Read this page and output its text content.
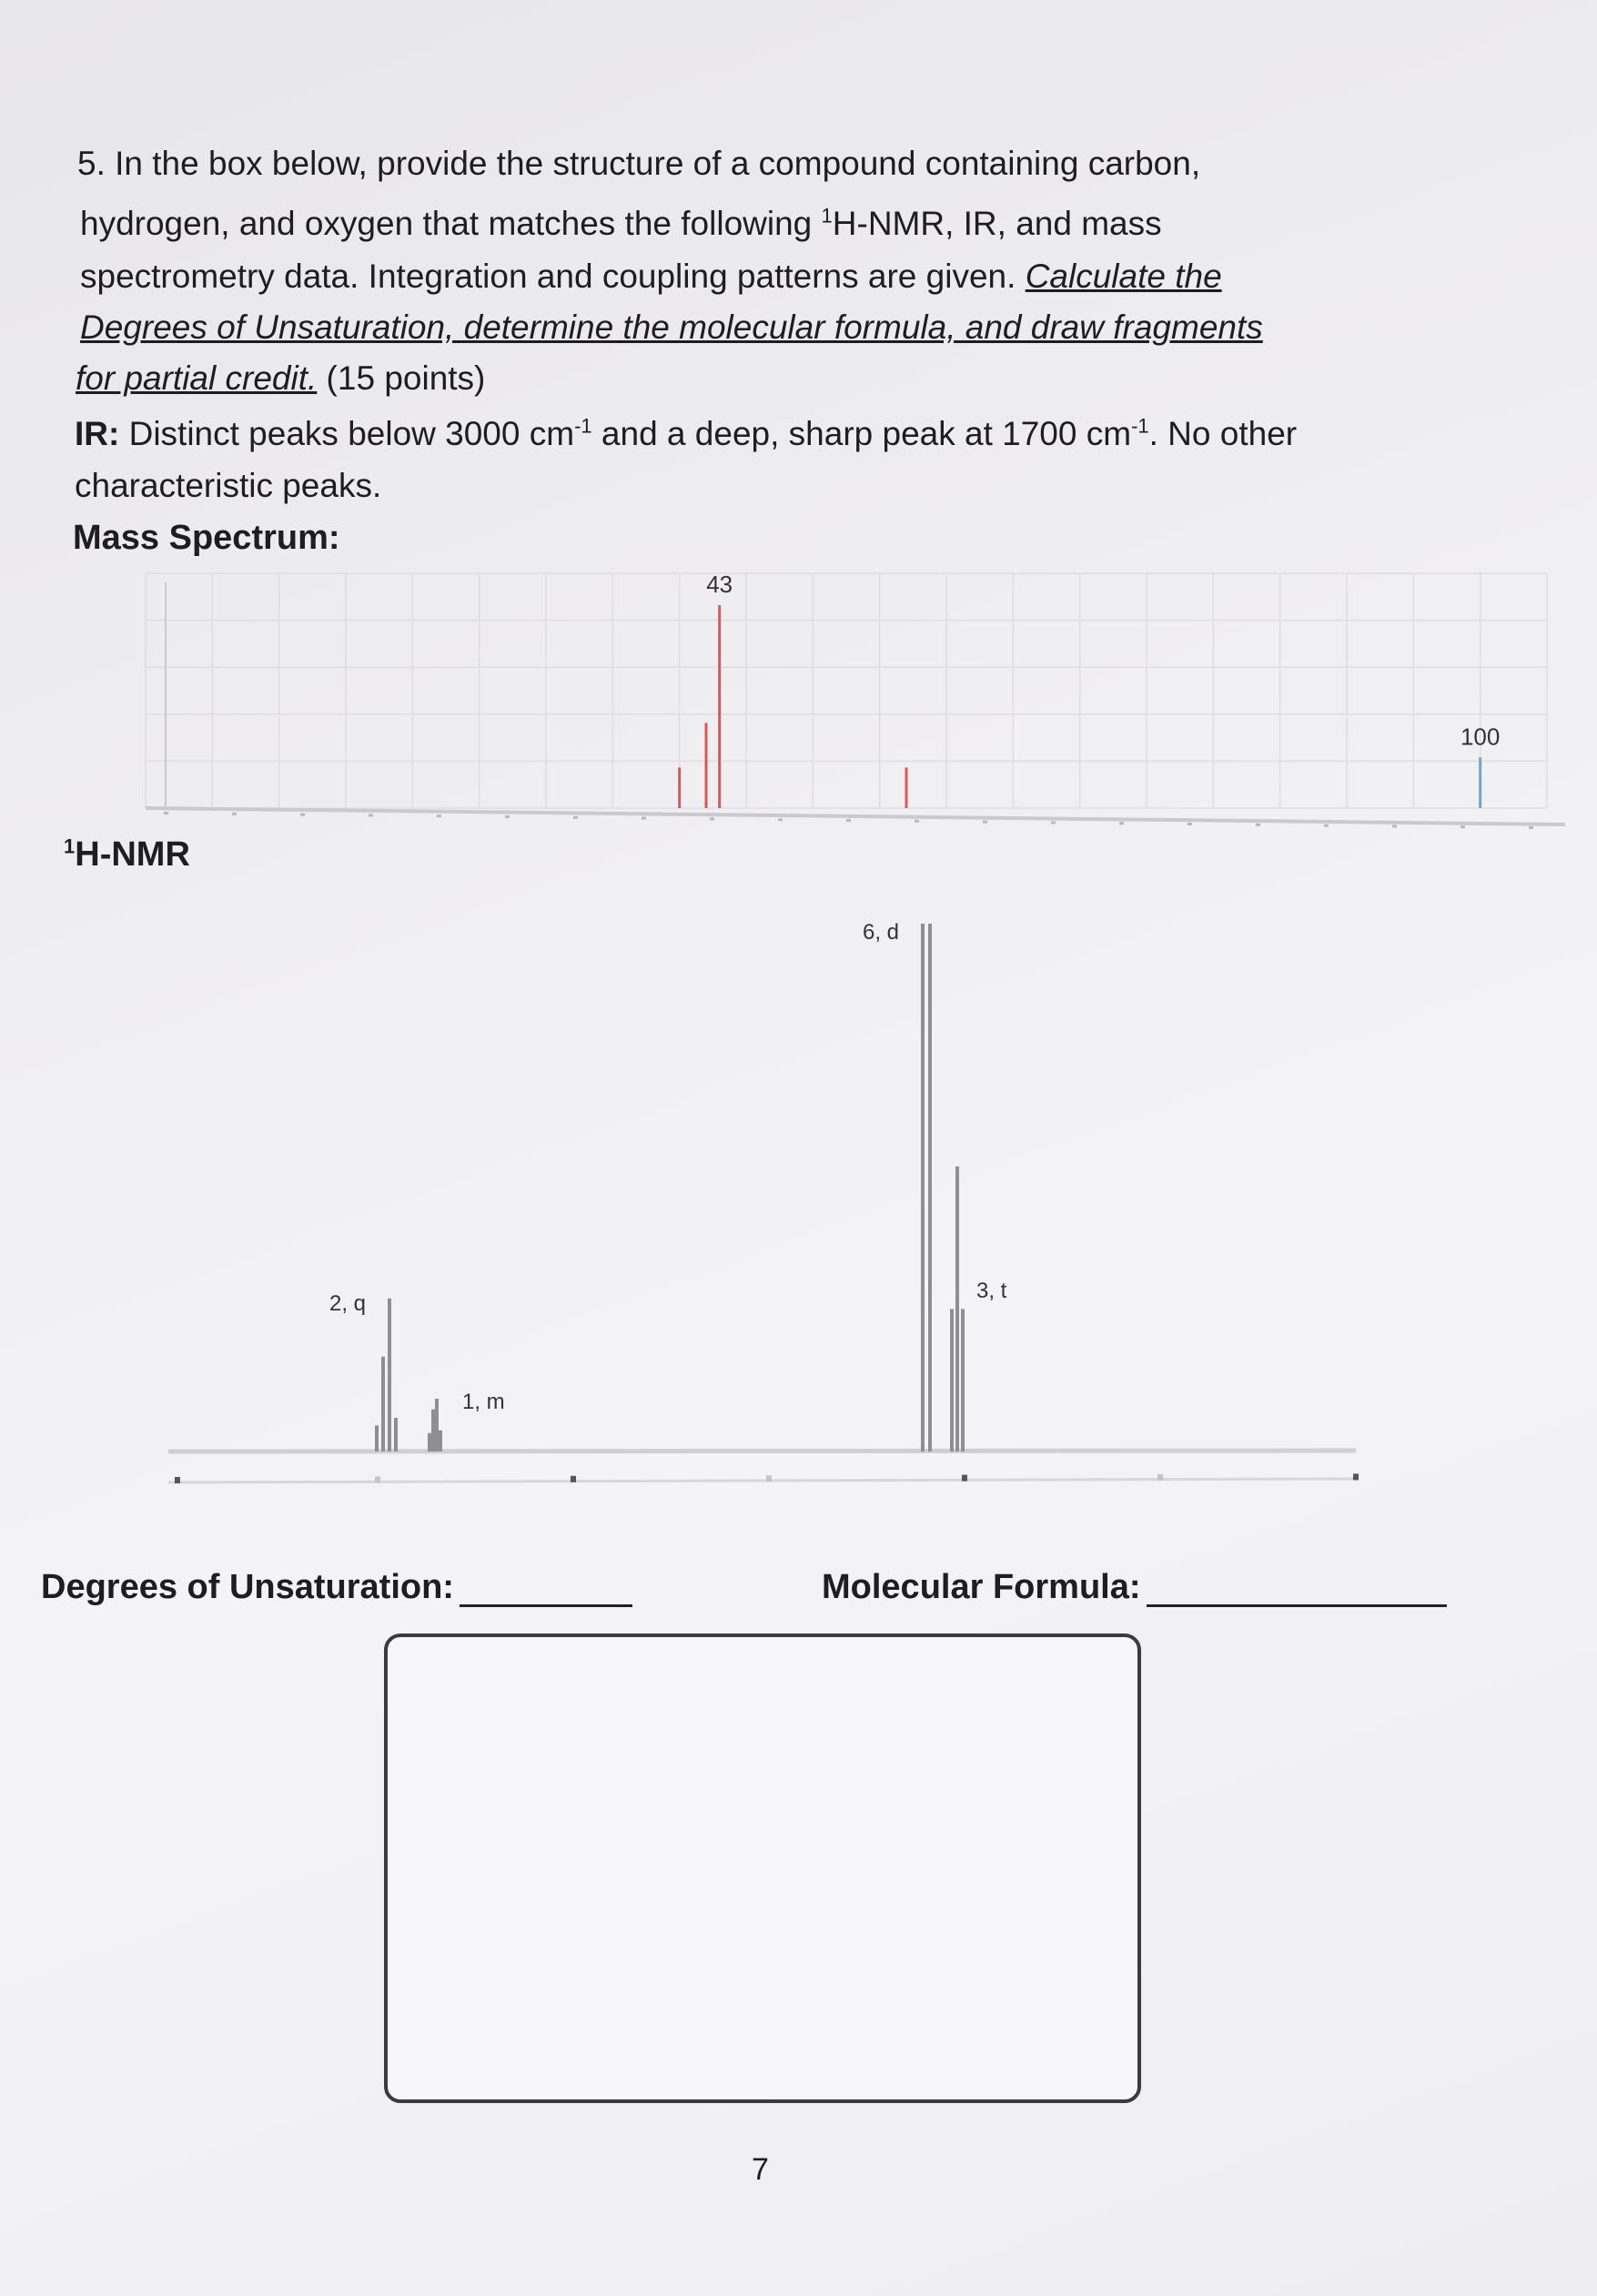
5. In the box below, provide the structure of a compound containing carbon,
hydrogen, and oxygen that matches the following $^1$H-NMR, IR, and mass
spectrometry data. Integration and coupling patterns are given. Calculate the
Degrees of Unsaturation, determine the molecular formula, and draw fragments
for partial credit. (15 points)
IR: Distinct peaks below 3000 $cm^{-1}$ and a deep, sharp peak at 1700 $cm^{-1}$. No other
characteristic peaks.
Mass Spectrum:
43
100
$^1$H-NMR
2, q
1, m
6, d
3, t
Degrees of Unsaturation:	Molecular Formula:
7
